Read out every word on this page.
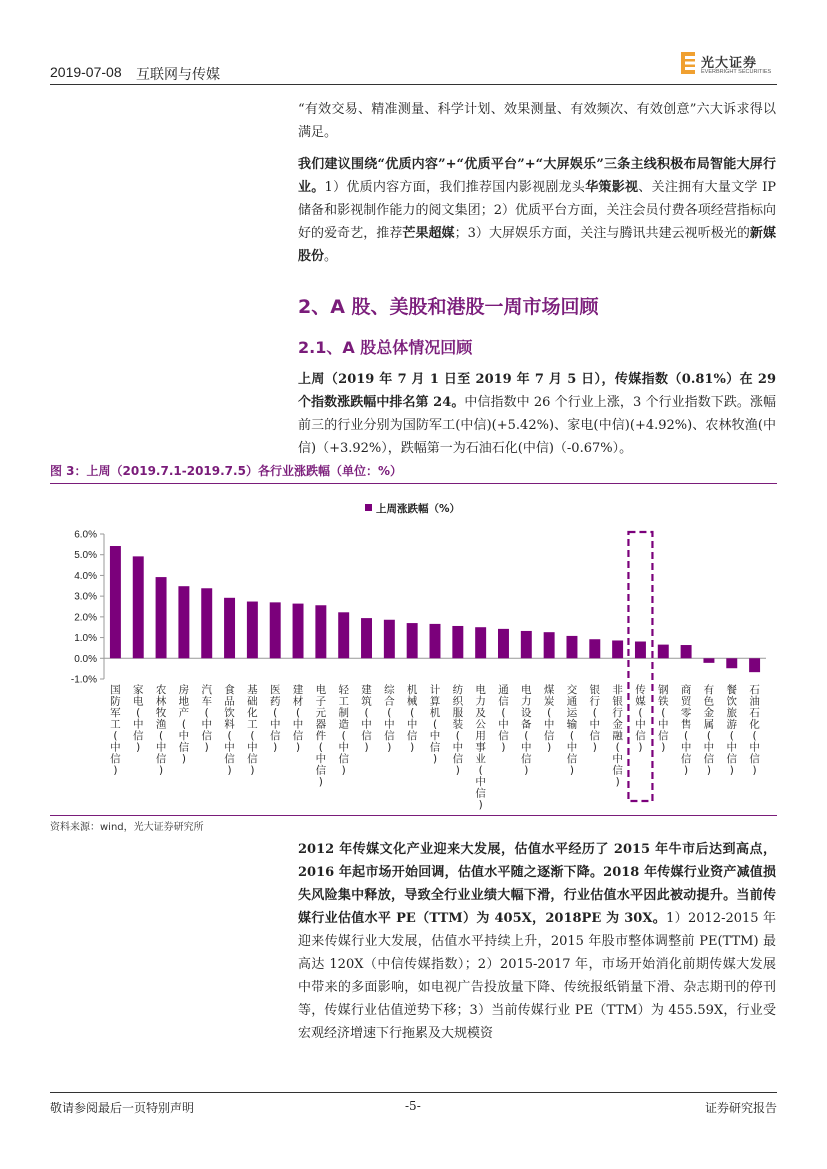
2019-07-08 互联网与传媒
光大证券
EVERBRIGHT SECURITIES
“有效交易、精准测量、科学计划、效果测量、有效频次、有效创意”六大诉求得以满足。
我们建议围绕“优质内容”+“优质平台”+“大屏娱乐”三条主线积极布局智能大屏行业。1）优质内容方面，我们推荐国内影视剧龙头华策影视、关注拥有大量文学 IP 储备和影视制作能力的阅文集团；2）优质平台方面，关注会员付费各项经营指标向好的爱奇艺，推荐芒果超媒；3）大屏娱乐方面，关注与腾讯共建云视听极光的新媒股份。
2、A 股、美股和港股一周市场回顾
2.1、A 股总体情况回顾
上周（2019 年 7 月 1 日至 2019 年 7 月 5 日），传媒指数（0.81%）在 29 个指数涨跌幅中排名第 24。中信指数中 26 个行业上涨，3 个行业指数下跌。涨幅前三的行业分别为国防军工(中信)(+5.42%)、家电(中信)(+4.92%)、农林牧渔(中信)（+3.92%），跌幅第一为石油石化(中信)（-0.67%）。
图 3：上周（2019.7.1-2019.7.5）各行业涨跌幅（单位：%）
上周涨跌幅（%）
6.0%
5.0%
4.0%
3.0%
2.0%
1.0%
0.0%
-1.0%
国防军工(中信)
家电(中信)
农林牧渔(中信)
房地产(中信)
汽车(中信)
食品饮料(中信)
基础化工(中信)
医药(中信)
建材(中信)
电子元器件(中信)
轻工制造(中信)
建筑(中信)
综合(中信)
机械(中信)
计算机(中信)
纺织服装(中信)
电力及公用事业(中信)
通信(中信)
电力设备(中信)
煤炭(中信)
交通运输(中信)
银行(中信)
非银行金融(中信)
传媒(中信)
钢铁(中信)
商贸零售(中信)
有色金属(中信)
餐饮旅游(中信)
石油石化(中信)
资料来源：wind，光大证券研究所
2012 年传媒文化产业迎来大发展，估值水平经历了 2015 年牛市后达到高点，2016 年起市场开始回调，估值水平随之逐渐下降。2018 年传媒行业资产减值损失风险集中释放，导致全行业业绩大幅下滑，行业估值水平因此被动提升。当前传媒行业估值水平 PE（TTM）为 405X，2018PE 为 30X。1）2012-2015 年迎来传媒行业大发展，估值水平持续上升，2015 年股市整体调整前 PE(TTM) 最高达 120X（中信传媒指数）；2）2015-2017 年，市场开始消化前期传媒大发展中带来的多面影响，如电视广告投放量下降、传统报纸销量下滑、杂志期刊的停刊等，传媒行业估值逆势下移；3）当前传媒行业 PE（TTM）为 455.59X，行业受宏观经济增速下行拖累及大规模资
敬请参阅最后一页特别声明	-5-	证券研究报告
